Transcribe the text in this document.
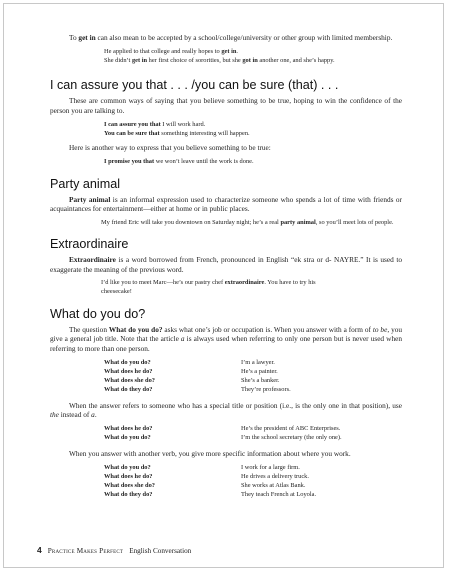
To get in can also mean to be accepted by a school/college/university or other group with limited membership.

He applied to that college and really hopes to get in.

She didn’t get in her first choice of sororities, but she got in another one, and she’s happy.

I can assure you that . . . /you can be sure (that) . . .

These are common ways of saying that you believe something to be true, hoping to win the confidence of the person you are talking to.

I can assure you that I will work hard.

You can be sure that something interesting will happen.

Here is another way to express that you believe something to be true:

I promise you that we won’t leave until the work is done.

Party animal

Party animal is an informal expression used to characterize someone who spends a lot of time with friends or acquaintances for entertainment—either at home or in public places.

My friend Eric will take you downtown on Saturday night; he’s a real party animal, so you’ll meet lots of people.

Extraordinaire

Extraordinaire is a word borrowed from French, pronounced in English “ek stra or d- NAYRE.” It is used to exaggerate the meaning of the previous word.

I’d like you to meet Marc—he’s our pastry chef extraordinaire. You have to try his cheesecake!

What do you do?

The question What do you do? asks what one’s job or occupation is. When you answer with a form of to be, you give a general job title. Note that the article a is always used when referring to only one person but is never used when referring to more than one person.

What do you do?	I’m a lawyer.
What does he do?	He’s a painter.
What does she do?	She’s a banker.
What do they do?	They’re professors.

When the answer refers to someone who has a special title or position (i.e., is the only one in that position), use the instead of a.

What does he do?	He’s the president of ABC Enterprises.
What do you do?	I’m the school secretary (the only one).

When you answer with another verb, you give more specific information about where you work.

What do you do?	I work for a large firm.
What does he do?	He drives a delivery truck.
What does she do?	She works at Atlas Bank.
What do they do?	They teach French at Loyola.
4 Practice Makes Perfect English Conversation
